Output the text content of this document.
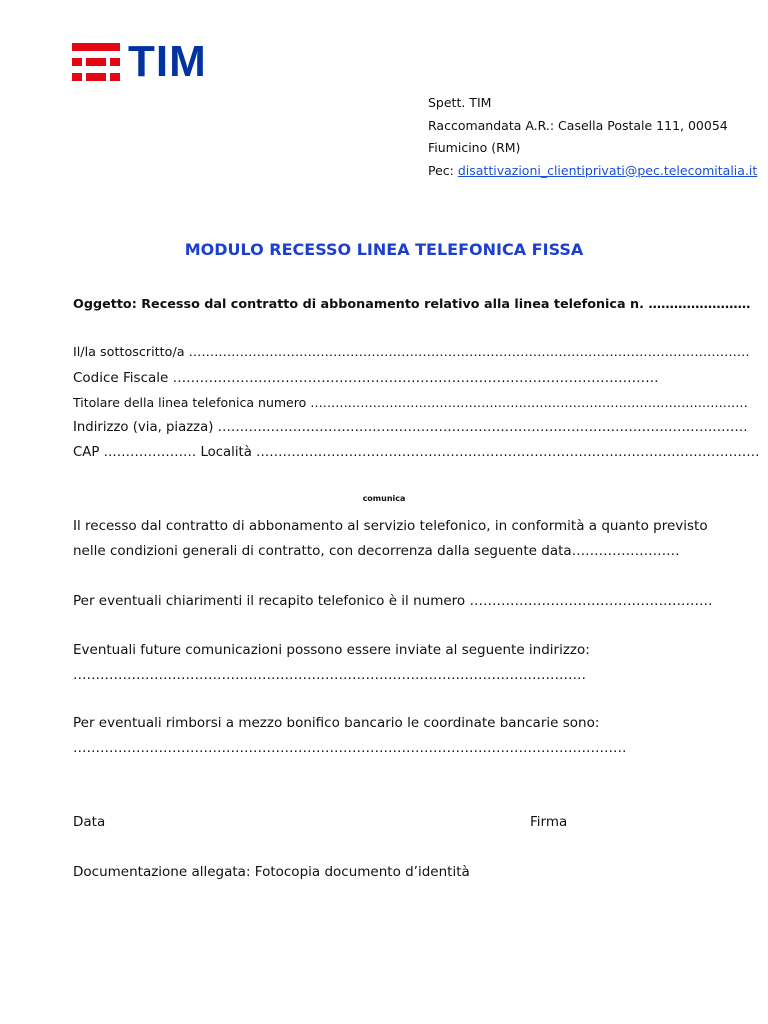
TIM
Spett. TIM
Raccomandata A.R.: Casella Postale 111, 00054
Fiumicino (RM)
Pec: disattivazioni_clientiprivati@pec.telecomitalia.it
MODULO RECESSO LINEA TELEFONICA FISSA
Oggetto: Recesso dal contratto di abbonamento relativo alla linea telefonica n. ……………………
Il/la sottoscritto/a ……………………………………………………………………………………………………………………
Codice Fiscale ………………………………………………………………………………………………
Titolare della linea telefonica numero ……………………………………………………………………………………………
Indirizzo (via, piazza) …………………………………………………………………………………………………………
CAP ………………… Località ……………………………………………………………………………………………………
comunica
Il recesso dal contratto di abbonamento al servizio telefonico, in conformità a quanto previsto
nelle condizioni generali di contratto, con decorrenza dalla seguente data……………………
Per eventuali chiarimenti il recapito telefonico è il numero ………………………………………………
Eventuali future comunicazioni possono essere inviate al seguente indirizzo:
……………………………………………………………………………………………………
Per eventuali rimborsi a mezzo bonifico bancario le coordinate bancarie sono:
……………………………………………………………………………………………………………
Data	Firma
Documentazione allegata: Fotocopia documento d’identità
